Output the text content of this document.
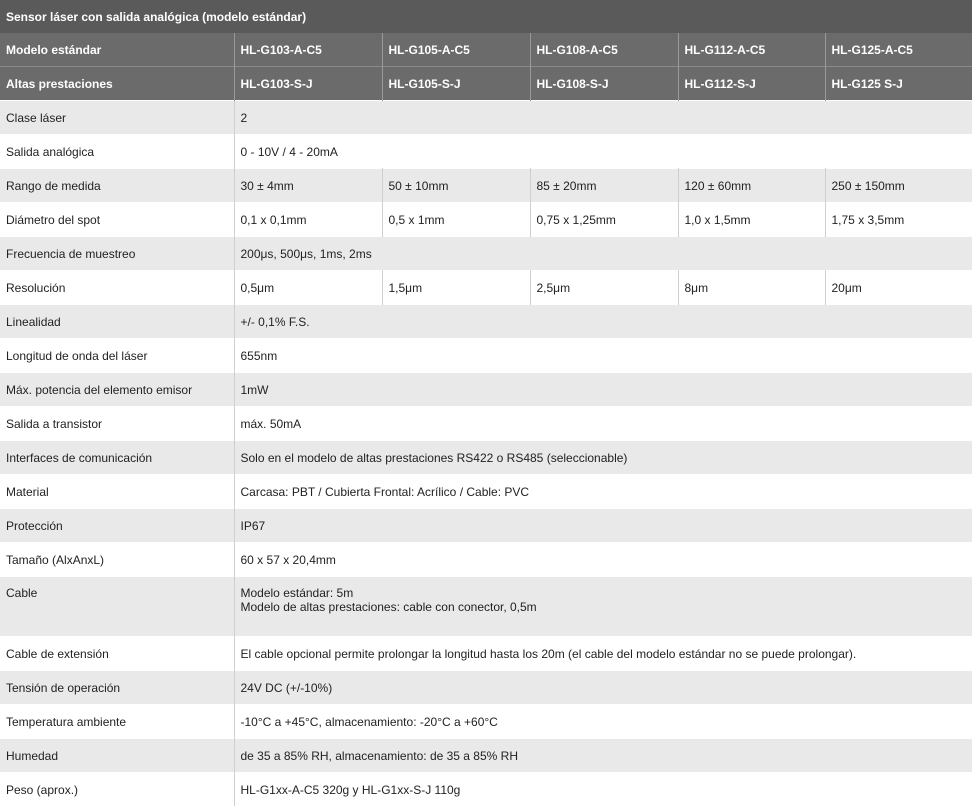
Sensor láser con salida analógica (modelo estándar)					
Modelo estándar	HL-G103-A-C5	HL-G105-A-C5	HL-G108-A-C5	HL-G112-A-C5	HL-G125-A-C5
Altas prestaciones	HL-G103-S-J	HL-G105-S-J	HL-G108-S-J	HL-G112-S-J	HL-G125 S-J
Clase láser	2				
Salida analógica	0 - 10V / 4 - 20mA				
Rango de medida	30 ± 4mm	50 ± 10mm	85 ± 20mm	120 ± 60mm	250 ± 150mm
Diámetro del spot	0,1 x 0,1mm	0,5 x 1mm	0,75 x 1,25mm	1,0 x 1,5mm	1,75 x 3,5mm
Frecuencia de muestreo	200μs, 500μs, 1ms, 2ms				
Resolución	0,5μm	1,5μm	2,5μm	8μm	20μm
Linealidad	+/- 0,1% F.S.				
Longitud de onda del láser	655nm				
Máx. potencia del elemento emisor	1mW				
Salida a transistor	máx. 50mA				
Interfaces de comunicación	Solo en el modelo de altas prestaciones RS422 o RS485 (seleccionable)				
Material	Carcasa: PBT / Cubierta Frontal: Acrílico / Cable: PVC				
Protección	IP67				
Tamaño (AlxAnxL)	60 x 57 x 20,4mm				
Cable	Modelo estándar: 5m
Modelo de altas prestaciones: cable con conector, 0,5m				

Cable de extensión	El cable opcional permite prolongar la longitud hasta los 20m (el cable del modelo estándar no se puede prolongar).				
Tensión de operación	24V DC (+/-10%)				
Temperatura ambiente	-10°C a +45°C, almacenamiento: -20°C a +60°C				
Humedad	de 35 a 85% RH, almacenamiento: de 35 a 85% RH				
Peso (aprox.)	HL-G1xx-A-C5 320g y HL-G1xx-S-J 110g				
